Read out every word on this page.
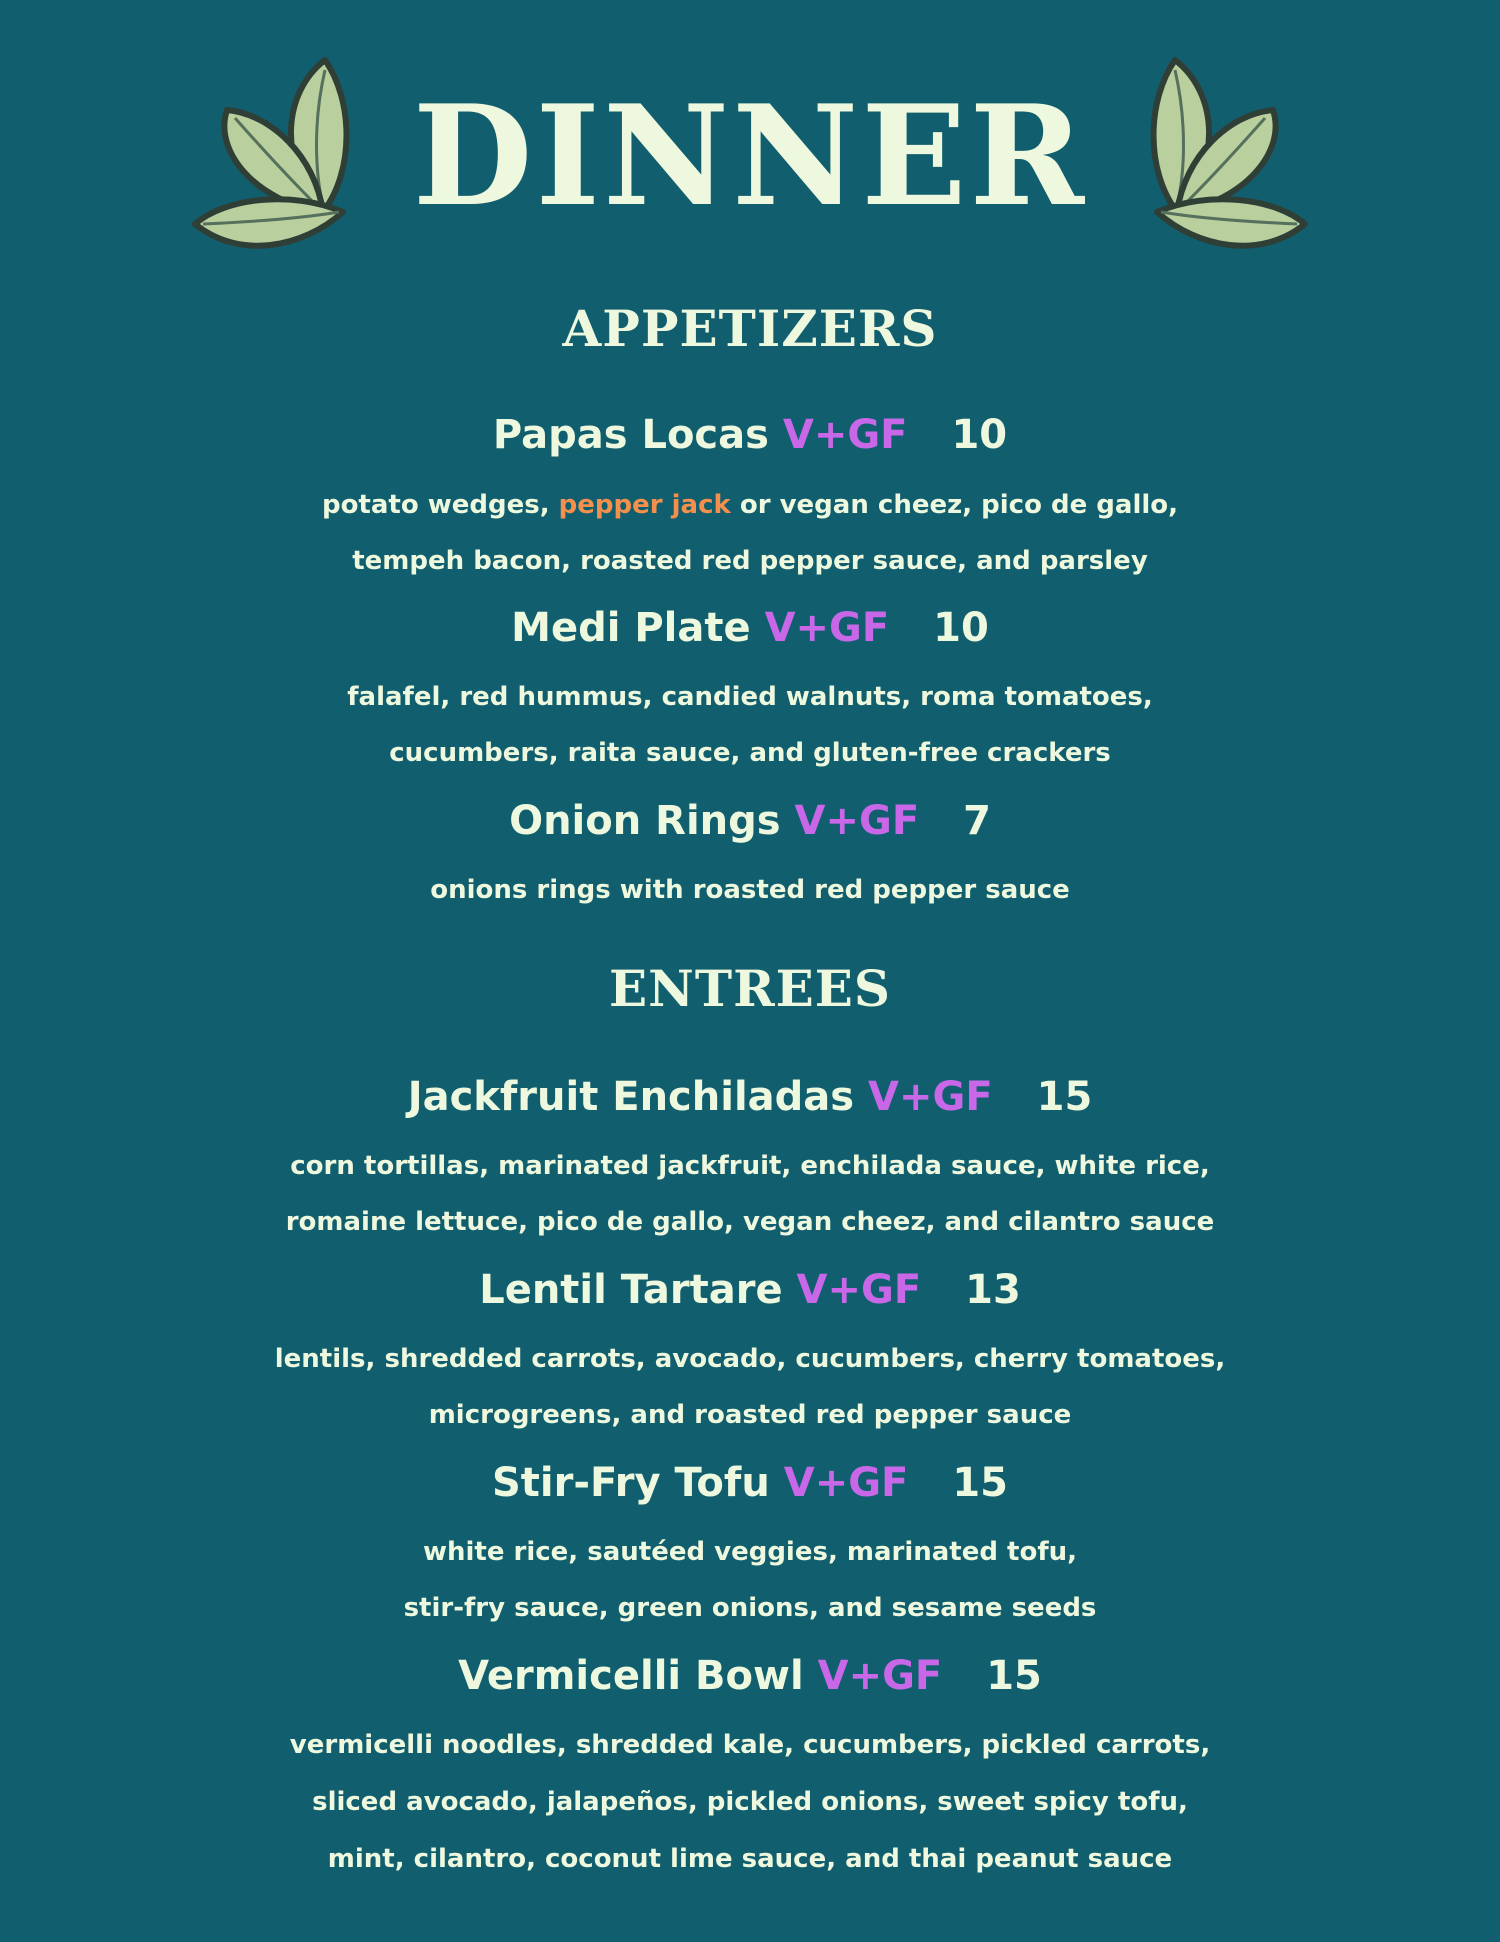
DINNER
APPETIZERS
Papas Locas V+GF 10
potato wedges, pepper jack or vegan cheez, pico de gallo,
tempeh bacon, roasted red pepper sauce, and parsley
Medi Plate V+GF 10
falafel, red hummus, candied walnuts, roma tomatoes,
cucumbers, raita sauce, and gluten-free crackers
Onion Rings V+GF 7
onions rings with roasted red pepper sauce
ENTREES
Jackfruit Enchiladas V+GF 15
corn tortillas, marinated jackfruit, enchilada sauce, white rice,
romaine lettuce, pico de gallo, vegan cheez, and cilantro sauce
Lentil Tartare V+GF 13
lentils, shredded carrots, avocado, cucumbers, cherry tomatoes,
microgreens, and roasted red pepper sauce
Stir-Fry Tofu V+GF 15
white rice, sautéed veggies, marinated tofu,
stir-fry sauce, green onions, and sesame seeds
Vermicelli Bowl V+GF 15
vermicelli noodles, shredded kale, cucumbers, pickled carrots,
sliced avocado, jalapeños, pickled onions, sweet spicy tofu,
mint, cilantro, coconut lime sauce, and thai peanut sauce
